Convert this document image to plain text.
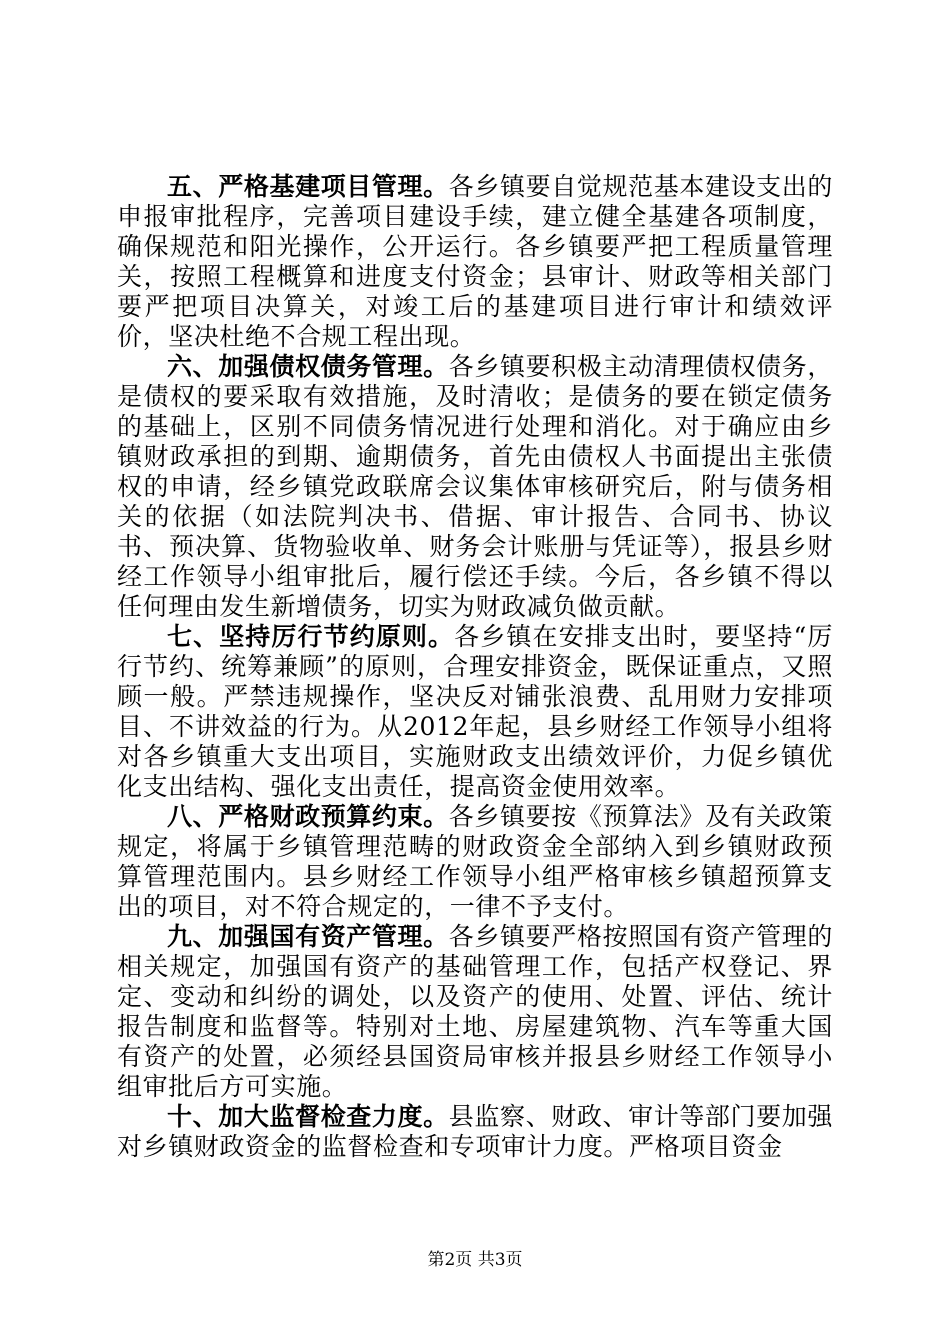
五、严格基建项目管理。各乡镇要自觉规范基本建设支出的申报审批程序，完善项目建设手续，建立健全基建各项制度，确保规范和阳光操作，公开运行。各乡镇要严把工程质量管理关，按照工程概算和进度支付资金；县审计、财政等相关部门要严把项目决算关，对竣工后的基建项目进行审计和绩效评价，坚决杜绝不合规工程出现。

六、加强债权债务管理。各乡镇要积极主动清理债权债务，是债权的要采取有效措施，及时清收；是债务的要在锁定债务的基础上，区别不同债务情况进行处理和消化。对于确应由乡镇财政承担的到期、逾期债务，首先由债权人书面提出主张债权的申请，经乡镇党政联席会议集体审核研究后，附与债务相关的依据（如法院判决书、借据、审计报告、合同书、协议书、预决算、货物验收单、财务会计账册与凭证等），报县乡财经工作领导小组审批后，履行偿还手续。今后，各乡镇不得以任何理由发生新增债务，切实为财政减负做贡献。

七、坚持厉行节约原则。各乡镇在安排支出时，要坚持“厉行节约、统筹兼顾”的原则，合理安排资金，既保证重点，又照顾一般。严禁违规操作，坚决反对铺张浪费、乱用财力安排项目、不讲效益的行为。从2012年起，县乡财经工作领导小组将对各乡镇重大支出项目，实施财政支出绩效评价，力促乡镇优化支出结构、强化支出责任，提高资金使用效率。

八、严格财政预算约束。各乡镇要按《预算法》及有关政策规定，将属于乡镇管理范畴的财政资金全部纳入到乡镇财政预算管理范围内。县乡财经工作领导小组严格审核乡镇超预算支出的项目，对不符合规定的，一律不予支付。

九、加强国有资产管理。各乡镇要严格按照国有资产管理的相关规定，加强国有资产的基础管理工作，包括产权登记、界定、变动和纠纷的调处，以及资产的使用、处置、评估、统计报告制度和监督等。特别对土地、房屋建筑物、汽车等重大国有资产的处置，必须经县国资局审核并报县乡财经工作领导小组审批后方可实施。

十、加大监督检查力度。县监察、财政、审计等部门要加强对乡镇财政资金的监督检查和专项审计力度。严格项目资金

第2页 共3页
